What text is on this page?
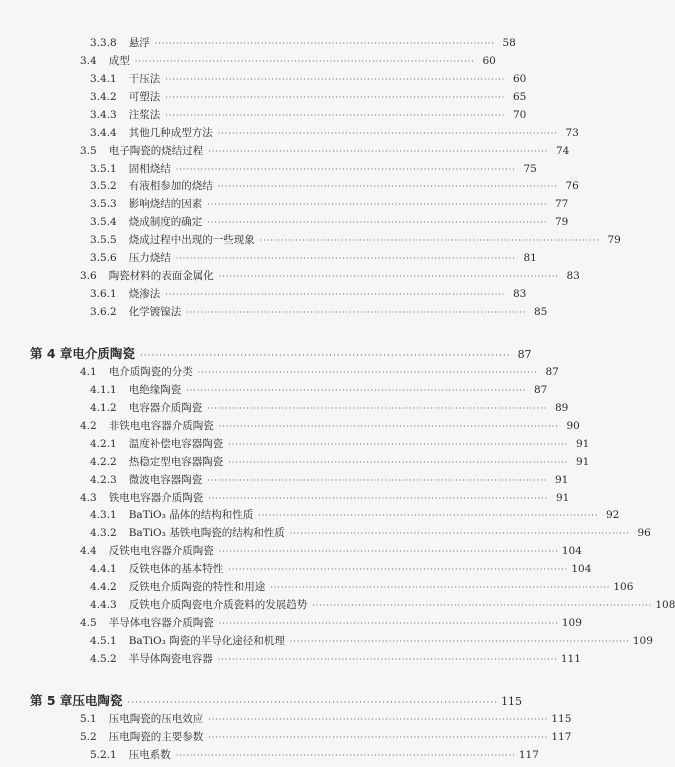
3.3.8	悬浮 ································································································ 58
3.4	成型 ································································································ 60
3.4.1	干压法 ································································································ 60
3.4.2	可塑法 ································································································ 65
3.4.3	注浆法 ································································································ 70
3.4.4	其他几种成型方法 ································································································ 73
3.5	电子陶瓷的烧结过程 ································································································ 74
3.5.1	固相烧结 ································································································ 75
3.5.2	有液相参加的烧结 ································································································ 76
3.5.3	影响烧结的因素 ································································································ 77
3.5.4	烧成制度的确定 ································································································ 79
3.5.5	烧成过程中出现的一些现象 ································································································ 79
3.5.6	压力烧结 ································································································ 81
3.6	陶瓷材料的表面金属化 ································································································ 83
3.6.1	烧渗法 ································································································ 83
3.6.2	化学镀镍法 ································································································ 85
第 4 章 电介质陶瓷 ································································································ 87
4.1	电介质陶瓷的分类 ································································································ 87
4.1.1	电绝缘陶瓷 ································································································ 87
4.1.2	电容器介质陶瓷 ································································································ 89
4.2	非铁电电容器介质陶瓷 ································································································ 90
4.2.1	温度补偿电容器陶瓷 ································································································ 91
4.2.2	热稳定型电容器陶瓷 ································································································ 91
4.2.3	微波电容器陶瓷 ································································································ 91
4.3	铁电电容器介质陶瓷 ································································································ 91
4.3.1	BaTiO₃ 晶体的结构和性质 ································································································ 92
4.3.2	BaTiO₃ 基铁电陶瓷的结构和性质 ································································································ 96
4.4	反铁电电容器介质陶瓷 ································································································ 104
4.4.1	反铁电体的基本特性 ································································································ 104
4.4.2	反铁电介质陶瓷的特性和用途 ································································································ 106
4.4.3	反铁电介质陶瓷电介质瓷料的发展趋势 ································································································ 108
4.5	半导体电容器介质陶瓷 ································································································ 109
4.5.1	BaTiO₃ 陶瓷的半导化途径和机理 ································································································ 109
4.5.2	半导体陶瓷电容器 ································································································ 111
第 5 章 压电陶瓷 ································································································ 115
5.1	压电陶瓷的压电效应 ································································································ 115
5.2	压电陶瓷的主要参数 ································································································ 117
5.2.1	压电系数 ································································································ 117
